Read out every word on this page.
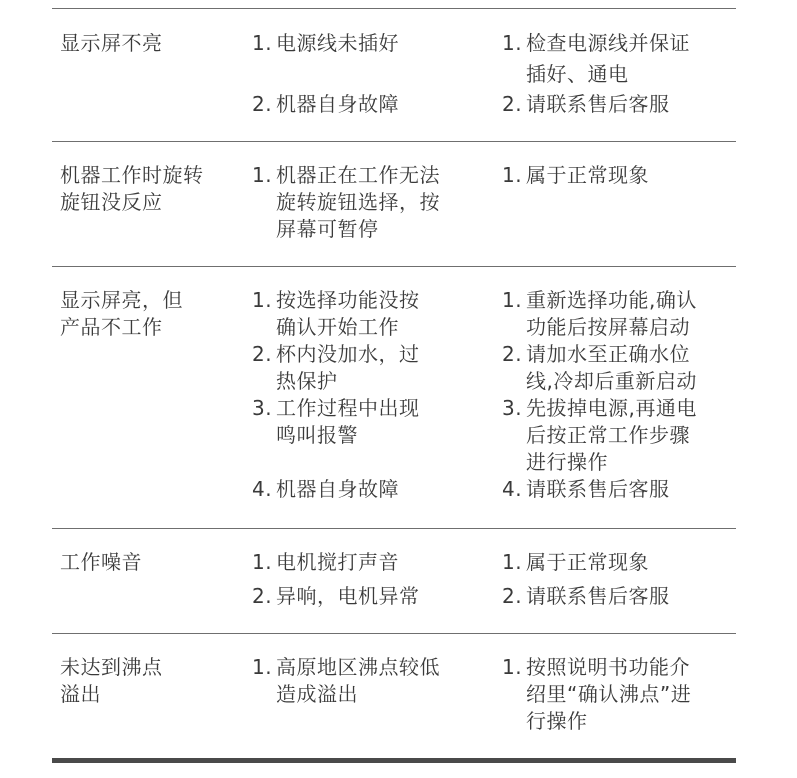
显示屏不亮	1. 电源线未插好
2. 机器自身故障
1. 检查电源线并保证
插好、通电
2. 请联系售后客服
机器工作时旋转
旋钮没反应
1. 机器正在工作无法
旋转旋钮选择，按
屏幕可暂停
1. 属于正常现象
显示屏亮，但
产品不工作
1. 按选择功能没按
确认开始工作
2. 杯内没加水，过
热保护
3. 工作过程中出现
鸣叫报警
4. 机器自身故障
1. 重新选择功能,确认
功能后按屏幕启动
2. 请加水至正确水位
线,冷却后重新启动
3. 先拔掉电源,再通电
后按正常工作步骤
进行操作
4. 请联系售后客服
工作噪音	1. 电机搅打声音
2. 异响，电机异常
1. 属于正常现象
2. 请联系售后客服
未达到沸点
溢出
1. 高原地区沸点较低
造成溢出
1. 按照说明书功能介
绍里“确认沸点”进
行操作
